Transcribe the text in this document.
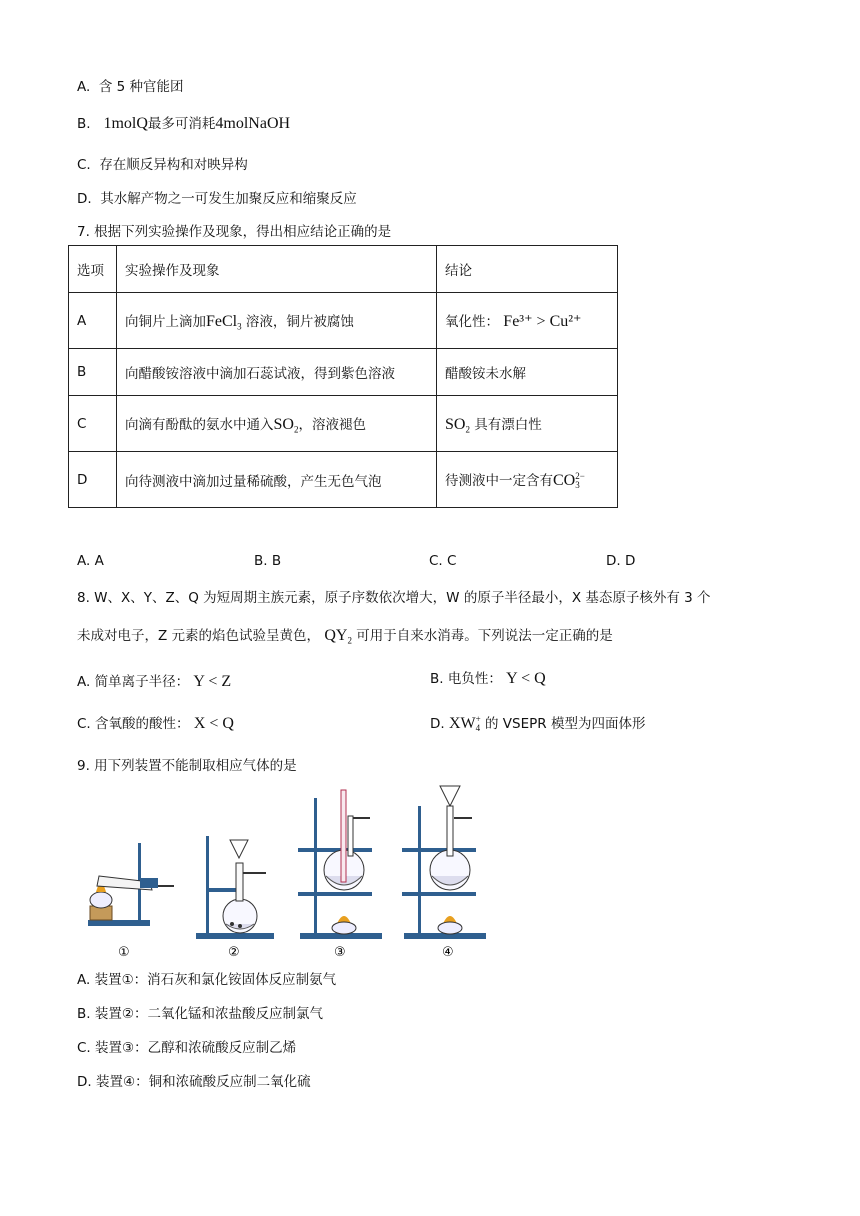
A. 含 5 种官能团
B. 1molQ最多可消耗4molNaOH
C. 存在顺反异构和对映异构
D. 其水解产物之一可发生加聚反应和缩聚反应
7. 根据下列实验操作及现象，得出相应结论正确的是
选项	实验操作及现象	结论
A	向铜片上滴加FeCl$_3$ 溶液，铜片被腐蚀	氧化性： Fe³⁺ > Cu²⁺
B	向醋酸铵溶液中滴加石蕊试液，得到紫色溶液	醋酸铵未水解
C	向滴有酚酞的氨水中通入$SO_2$，溶液褪色	$SO_2$ 具有漂白性
D	向待测液中滴加过量稀硫酸，产生无色气泡	待测液中一定含有CO 2−
3
A. A	B. B	C. C	D. D
8. W、X、Y、Z、Q 为短周期主族元素，原子序数依次增大，W 的原子半径最小，X 基态原子核外有 3 个
未成对电子，Z 元素的焰色试验呈黄色， $QY_2$ 可用于自来水消毒。下列说法一定正确的是
A. 简单离子半径： Y < Z	B. 电负性： Y < Q
C. 含氧酸的酸性： X < Q	D. XW +
4 的 VSEPR 模型为四面体形
9. 用下列装置不能制取相应气体的是
①	②	③	④
A. 装置①：消石灰和氯化铵固体反应制氨气
B. 装置②：二氧化锰和浓盐酸反应制氯气
C. 装置③：乙醇和浓硫酸反应制乙烯
D. 装置④：铜和浓硫酸反应制二氧化硫
